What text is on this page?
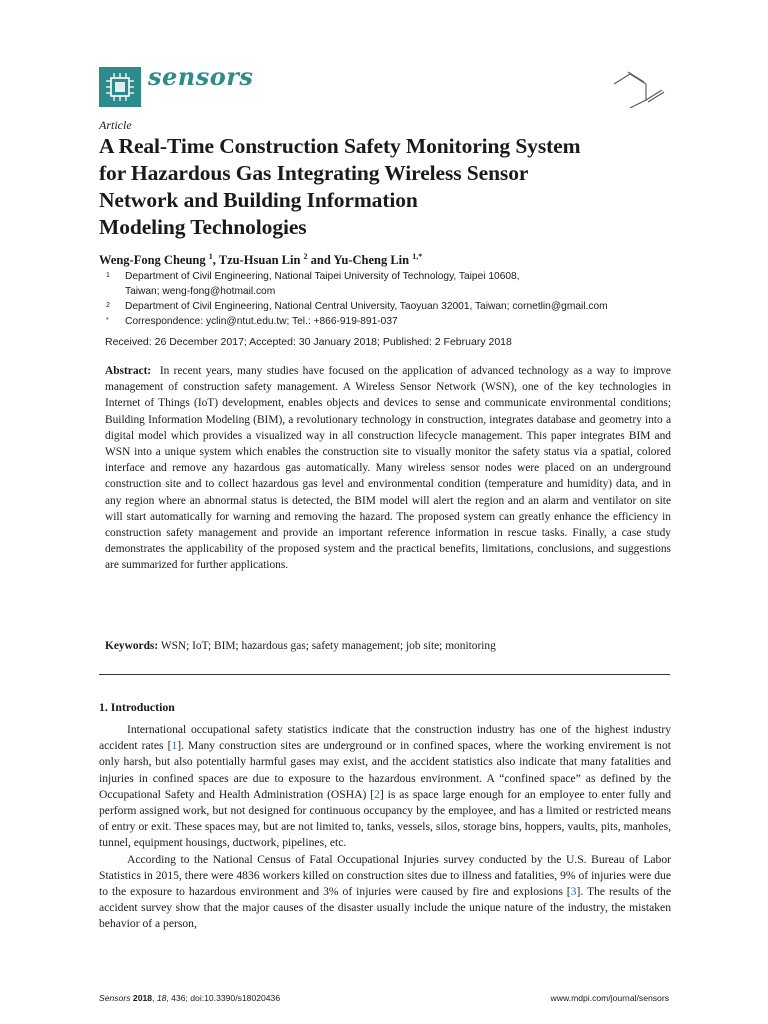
sensors
Article
A Real-Time Construction Safety Monitoring System
for Hazardous Gas Integrating Wireless Sensor
Network and Building Information
Modeling Technologies
Weng-Fong Cheung $^1$, Tzu-Hsuan Lin $^2$ and Yu-Cheng Lin $^{1,*}$
1 Department of Civil Engineering, National Taipei University of Technology, Taipei 10608,
Taiwan; weng-fong@hotmail.com
2 Department of Civil Engineering, National Central University, Taoyuan 32001, Taiwan; cornetlin@gmail.com
* Correspondence: yclin@ntut.edu.tw; Tel.: +866-919-891-037
Received: 26 December 2017; Accepted: 30 January 2018; Published: 2 February 2018

Abstract: In recent years, many studies have focused on the application of advanced technology as a way to improve management of construction safety management. A Wireless Sensor Network (WSN), one of the key technologies in Internet of Things (IoT) development, enables objects and devices to sense and communicate environmental conditions; Building Information Modeling (BIM), a revolutionary technology in construction, integrates database and geometry into a digital model which provides a visualized way in all construction lifecycle management. This paper integrates BIM and WSN into a unique system which enables the construction site to visually monitor the safety status via a spatial, colored interface and remove any hazardous gas automatically. Many wireless sensor nodes were placed on an underground construction site and to collect hazardous gas level and environmental condition (temperature and humidity) data, and in any region where an abnormal status is detected, the BIM model will alert the region and an alarm and ventilator on site will start automatically for warning and removing the hazard. The proposed system can greatly enhance the efficiency in construction safety management and provide an important reference information in rescue tasks. Finally, a case study demonstrates the applicability of the proposed system and the practical benefits, limitations, conclusions, and suggestions are summarized for further applications.

Keywords: WSN; IoT; BIM; hazardous gas; safety management; job site; monitoring
1. Introduction

International occupational safety statistics indicate that the construction industry has one of the highest industry accident rates [1]. Many construction sites are underground or in confined spaces, where the working envirement is not only harsh, but also potentially harmful gases may exist, and the accident statistics also indicate that many fatalities and injuries in confined spaces are due to exposure to the hazardous environment. A “confined space” as defined by the Occupational Safety and Health Administration (OSHA) [2] is as space large enough for an employee to enter fully and perform assigned work, but not designed for continuous occupancy by the employee, and has a limited or restricted means of entry or exit. These spaces may, but are not limited to, tanks, vessels, silos, storage bins, hoppers, vaults, pits, manholes, tunnel, equipment housings, ductwork, pipelines, etc.

According to the National Census of Fatal Occupational Injuries survey conducted by the U.S. Bureau of Labor Statistics in 2015, there were 4836 workers killed on construction sites due to illness and fatalities, 9% of injuries were due to the exposure to hazardous environment and 3% of injuries were caused by fire and explosions [3]. The results of the accident survey show that the major causes of the disaster usually include the unique nature of the industry, the mistaken behavior of a person,

Sensors 2018, 18, 436; doi:10.3390/s18020436	www.mdpi.com/journal/sensors
